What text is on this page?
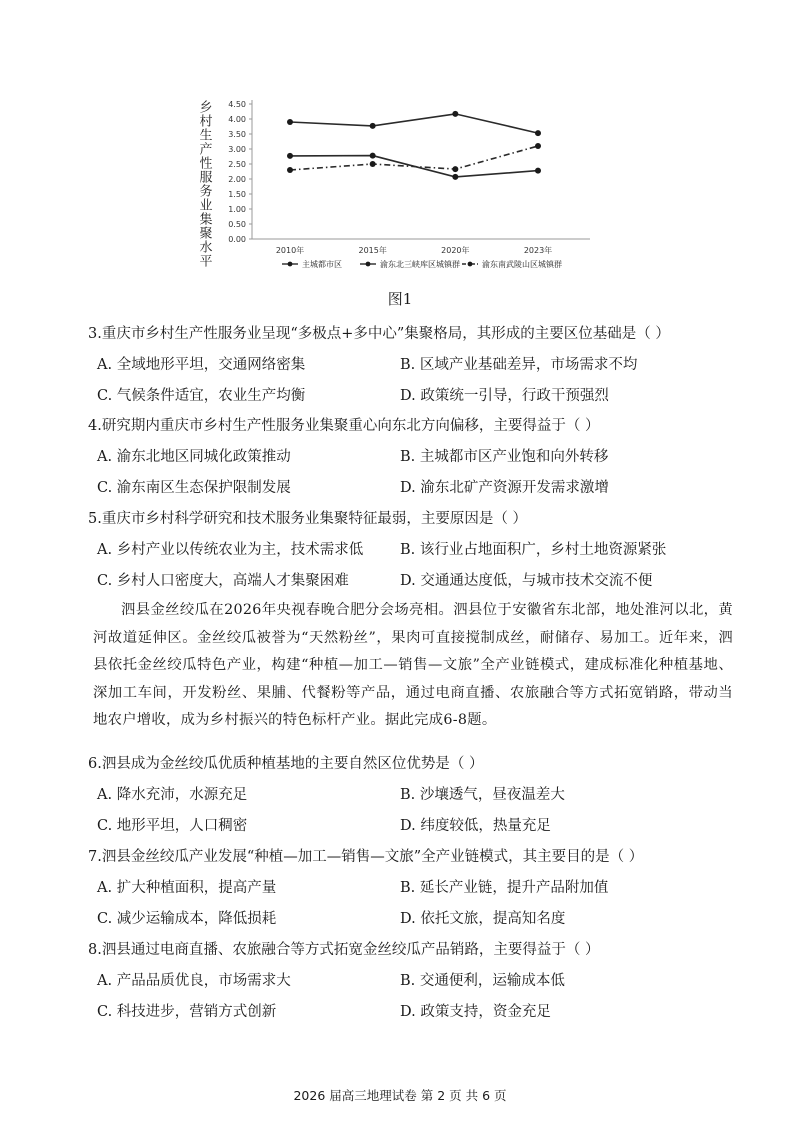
乡村生产性服务业集聚水平 0.00
0.50
1.00
1.50
2.00
2.50
3.00
3.50
4.00
4.50
2010年	2015年	2020年	2023年
主城都市区	渝东北三峡库区城镇群	渝东南武陵山区城镇群
图1
3.重庆市乡村生产性服务业呈现“多极点+多中心”集聚格局，其形成的主要区位基础是（ ）
A. 全域地形平坦，交通网络密集	B. 区域产业基础差异，市场需求不均
C. 气候条件适宜，农业生产均衡	D. 政策统一引导，行政干预强烈
4.研究期内重庆市乡村生产性服务业集聚重心向东北方向偏移，主要得益于（ ）
A. 渝东北地区同城化政策推动	B. 主城都市区产业饱和向外转移
C. 渝东南区生态保护限制发展	D. 渝东北矿产资源开发需求激增
5.重庆市乡村科学研究和技术服务业集聚特征最弱，主要原因是（ ）
A. 乡村产业以传统农业为主，技术需求低	B. 该行业占地面积广，乡村土地资源紧张
C. 乡村人口密度大，高端人才集聚困难	D. 交通通达度低，与城市技术交流不便
泗县金丝绞瓜在2026年央视春晚合肥分会场亮相。泗县位于安徽省东北部，地处淮河以北，黄河故道延伸区。金丝绞瓜被誉为“天然粉丝”，果肉可直接搅制成丝，耐储存、易加工。近年来，泗县依托金丝绞瓜特色产业，构建“种植—加工—销售—文旅”全产业链模式，建成标准化种植基地、深加工车间，开发粉丝、果脯、代餐粉等产品，通过电商直播、农旅融合等方式拓宽销路，带动当地农户增收，成为乡村振兴的特色标杆产业。据此完成6-8题。
6.泗县成为金丝绞瓜优质种植基地的主要自然区位优势是（ ）
A. 降水充沛，水源充足	B. 沙壤透气，昼夜温差大
C. 地形平坦，人口稠密	D. 纬度较低，热量充足
7.泗县金丝绞瓜产业发展“种植—加工—销售—文旅”全产业链模式，其主要目的是（ ）
A. 扩大种植面积，提高产量	B. 延长产业链，提升产品附加值
C. 减少运输成本，降低损耗	D. 依托文旅，提高知名度
8.泗县通过电商直播、农旅融合等方式拓宽金丝绞瓜产品销路，主要得益于（ ）
A. 产品品质优良，市场需求大	B. 交通便利，运输成本低
C. 科技进步，营销方式创新	D. 政策支持，资金充足
2026 届高三地理试卷 第 2 页 共 6 页
